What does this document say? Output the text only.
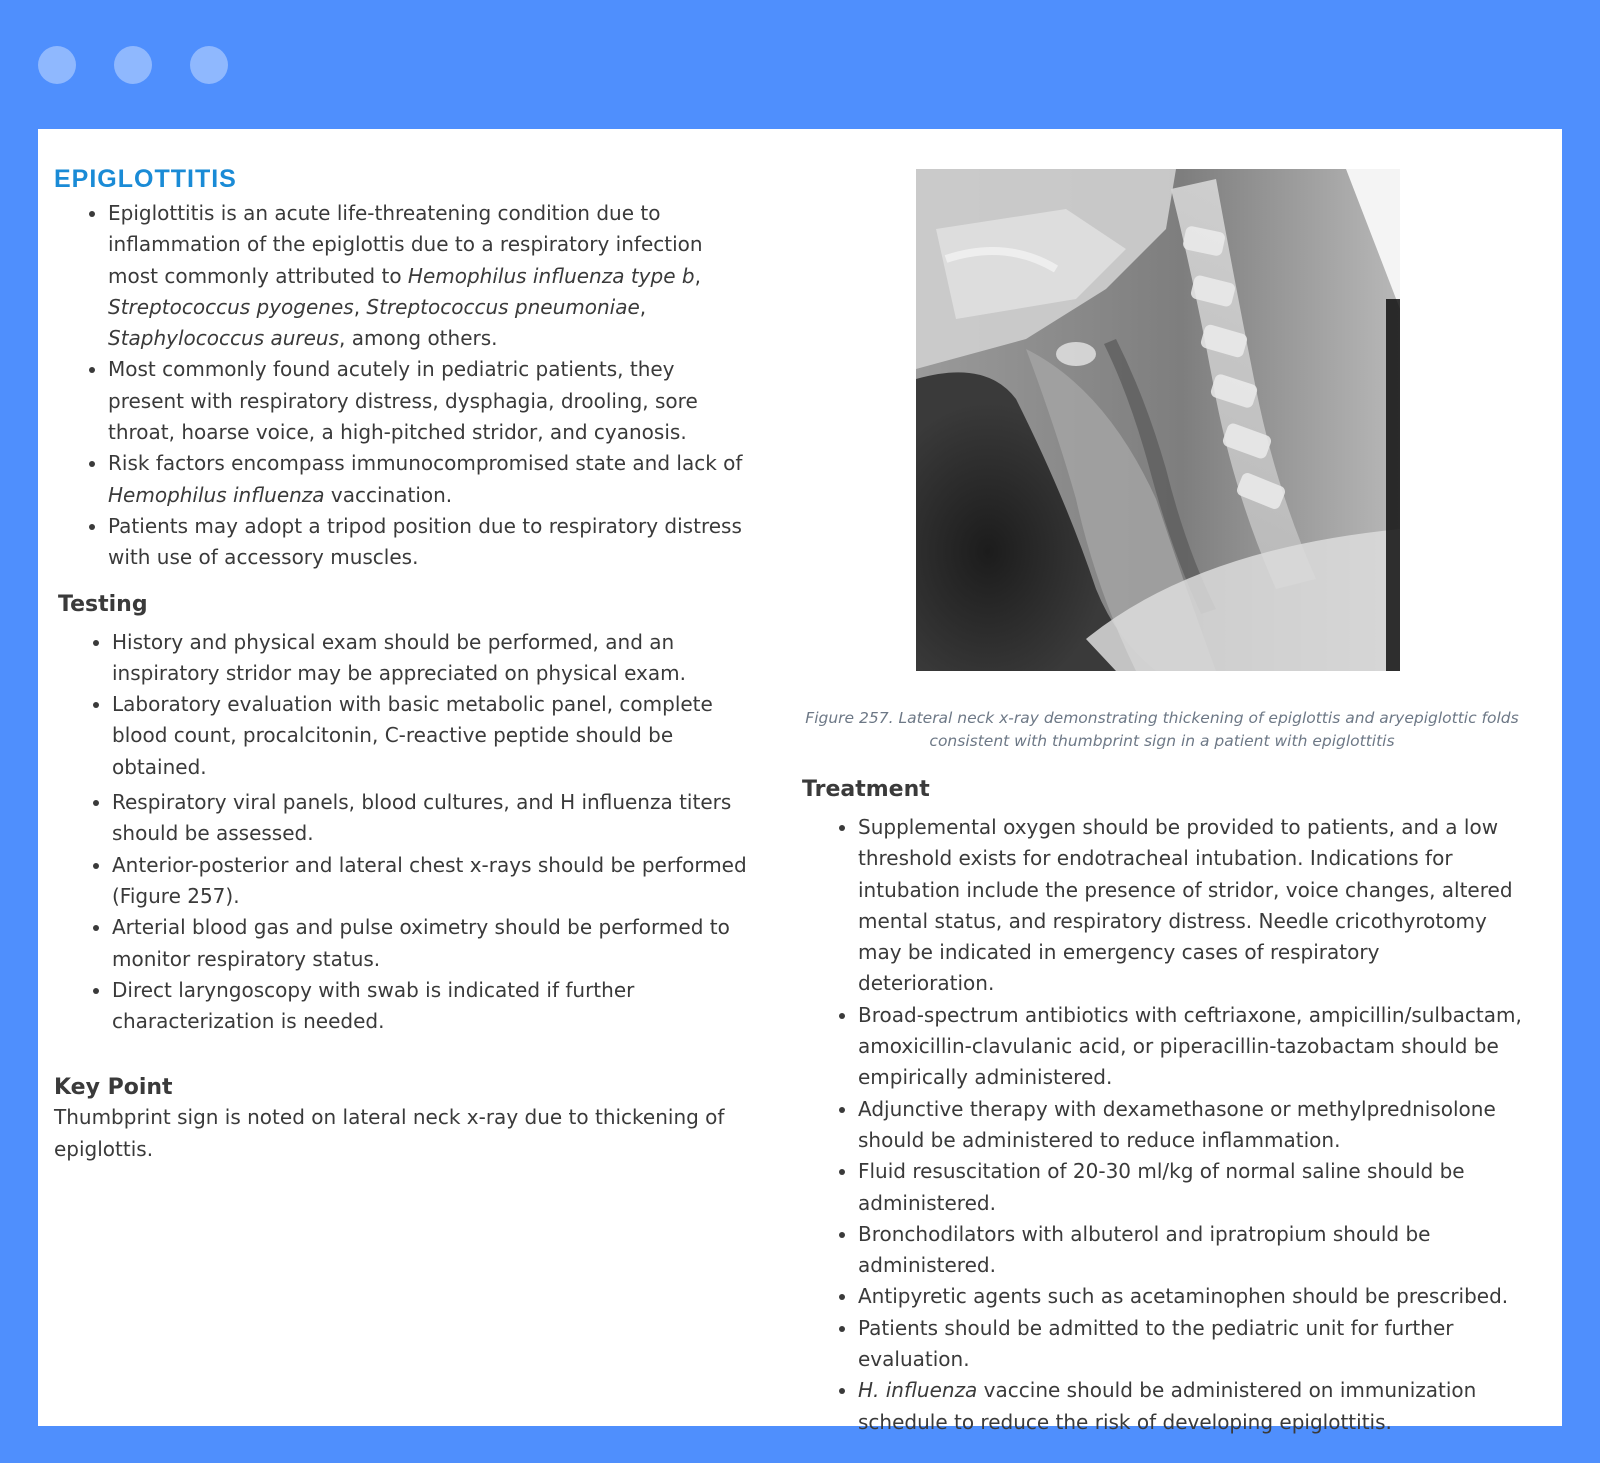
EPIGLOTTITIS
• Epiglottitis is an acute life-threatening condition due to inflammation of the epiglottis due to a respiratory infection most commonly attributed to Hemophilus influenza type b, Streptococcus pyogenes, Streptococcus pneumoniae, Staphylococcus aureus, among others.
• Most commonly found acutely in pediatric patients, they present with respiratory distress, dysphagia, drooling, sore throat, hoarse voice, a high-pitched stridor, and cyanosis.
• Risk factors encompass immunocompromised state and lack of Hemophilus influenza vaccination.
• Patients may adopt a tripod position due to respiratory distress with use of accessory muscles.
Testing
• History and physical exam should be performed, and an inspiratory stridor may be appreciated on physical exam.
• Laboratory evaluation with basic metabolic panel, complete blood count, procalcitonin, C-reactive peptide should be obtained.
• Respiratory viral panels, blood cultures, and H influenza titers should be assessed.
• Anterior-posterior and lateral chest x-rays should be performed (Figure 257).
• Arterial blood gas and pulse oximetry should be performed to monitor respiratory status.
• Direct laryngoscopy with swab is indicated if further characterization is needed.
Key Point

Thumbprint sign is noted on lateral neck x-ray due to thickening of epiglottis.

Figure 257. Lateral neck x-ray demonstrating thickening of epiglottis and aryepiglottic folds consistent with thumbprint sign in a patient with epiglottitis

Treatment
• Supplemental oxygen should be provided to patients, and a low threshold exists for endotracheal intubation. Indications for intubation include the presence of stridor, voice changes, altered mental status, and respiratory distress. Needle cricothyrotomy may be indicated in emergency cases of respiratory deterioration.
• Broad-spectrum antibiotics with ceftriaxone, ampicillin/sulbactam, amoxicillin-clavulanic acid, or piperacillin-tazobactam should be empirically administered.
• Adjunctive therapy with dexamethasone or methylprednisolone should be administered to reduce inflammation.
• Fluid resuscitation of 20-30 ml/kg of normal saline should be administered.
• Bronchodilators with albuterol and ipratropium should be administered.
• Antipyretic agents such as acetaminophen should be prescribed.
• Patients should be admitted to the pediatric unit for further evaluation.
• H. influenza vaccine should be administered on immunization schedule to reduce the risk of developing epiglottitis.
